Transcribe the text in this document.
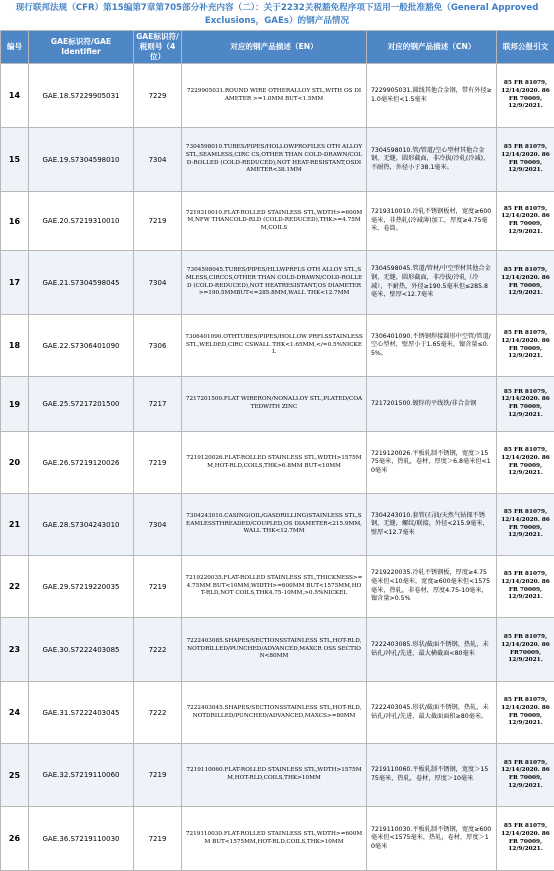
现行联邦法规（CFR）第15编第7章第705部分补充内容（二）：关于2232关税豁免程序项下适用一般批准豁免（General Approved Exclusions，GAEs）的钢产品情况
编号	GAE标识符/GAE Identifier	GAE标识符/税则号（4位）	对应的钢产品描述（EN）	对应的钢产品描述（CN）	联邦公报引文
14	GAE.18.S7229905031	7229	7229905031.ROUND WIRE OTHERALLOY STL,WITH OS DIAMETER >=1.0MM BUT<1.5MM	7229905031.圆线其他合金钢，带有外径≥1.0毫米但<1.5毫米	85 FR 81079, 12/14/2020. 86 FR 70009, 12/9/2021.
15	GAE.19.S7304598010	7304	7304598010.TUBES/PIPES/HOLLOWPROFILES OTH ALLOY STL,SEAMLESS,CIRC CS,OTHER THAN COLD-DRAWN/COLD-ROLLED (COLD-REDUCED),NOT HEAT-RESISTANT,OSDIAMETER<38.1MM	7304598010.管/管道/空心型材其他合金钢，无缝，圆形截面，非冷拔/冷轧(冷减)，不耐热，外径小于38.1毫米。	85 FR 81079, 12/14/2020. 86 FR 70009, 12/9/2021.
16	GAE.20.S7219310010	7219	7219310010.FLAT-ROLLED STAINLESS STL,WDTH>=600MM,NFW THANCOLD-RLD (COLD-REDUCED),THK>=4.75MM,COILS	7219310010.冷轧不锈钢板材，宽度≥600毫米，非热轧(冷减薄)加工，厚度≥4.75毫米，卷筒。	85 FR 81079, 12/14/2020. 86 FR 70009, 12/9/2021.
17	GAE.21.S7304598045	7304	7304598045.TUBES/PIPES/HLLWPRFLS OTH ALLOY STL,SMLESS,CIRCCS,OTHER THAN COLD-DRAWN/COLD-ROLLED (COLD-REDUCED),NOT HEATRESISTANT,OS DIAMETER>=190.5MMBUT<=285.8MM,WALL THK<12.7MM	7304598045.管道/管材/中空型材其他合金钢，无缝，圆形截面，非冷拔/冷轧（冷减），不耐热，外径≥190.5毫米但≤285.8毫米，壁厚<12.7毫米	85 FR 81079, 12/14/2020. 86 FR 70009, 12/9/2021.
18	GAE.22.S7306401090	7306	7306401090.OTHTUBES/PIPES/HOLLOW PRFLSSTAINLESS STL,WELDED,CIRC CSWALL THK<1.65MM,</=0.5%NICKEL	7306401090.不锈钢焊接圆形中空管/管道/空心型材，壁厚小于1.65毫米，镍含量≤0.5%。	85 FR 81079, 12/14/2020. 86 FR 70009, 12/9/2021.
19	GAE.25.S7217201500	7217	7217201500.FLAT WIRERON/NONALLOY STL,PLATED/COATEDWITH ZINC	7217201500.镀锌的平线铁/非合金钢	85 FR 81079, 12/14/2020. 86 FR 70009, 12/9/2021.
20	GAE.26.S7219120026	7219	7219120026.FLAT-ROLLED STAINLESS STL,WDTH>1575MM,HOT-RLD,COILS,THK>6.8MM BUT<10MM	7219120026.平板轧制不锈钢，宽度＞1575毫米，热轧，卷材，厚度＞6.8毫米但<10毫米	85 FR 81079, 12/14/2020. 86 FR 70009, 12/9/2021.
21	GAE.28.S7304243010	7304	7304243010.CASING(OIL/GASDRILLING)STAINLESS STL,SEAMLESSTHREADED/COUPLED,OS DIAMETER<215.9MM,WALL THK<12.7MM	7304243010.套管(石油/天然气钻探不锈钢，无缝，螺纹/联接，外径<215.9毫米，壁厚<12.7毫米	85 FR 81079, 12/14/2020. 86 FR 70009, 12/9/2021.
22	GAE.29.S7219220035	7219	7219220035.FLAT-ROLLED STAINLESS STL,THICKNESS>=4.75MM BUT<10MM,WIDTH>=600MM BUT<1575MM,HOT-RLD,NOT COILS,THK4.75-10MM,>0.5%NICKEL	7219220035.冷轧不锈钢板，厚度≥4.75毫米但<10毫米，宽度≥600毫米但<1575毫米，热轧，非卷材，厚度4.75-10毫米，镍含量>0.5%	85 FR 81079, 12/14/2020. 86 FR 70009, 12/9/2021.
23	GAE.30.S7222403085	7222	7222403085.SHAPES/SECTIONSSTAINLESS STL,HOT-RLD,NOTDRILLED/PUNCHED/ADVANCED,MAXCR OSS SECTION<80MM	7222403085.形状/截面不锈钢，热轧，未钻孔/冲孔/先进，最大横截面<80毫米	85 FR 81079, 12/14/2020. 86 FR70009, 12/9/2021.
24	GAE.31.S7222403045	7222	7222403045.SHAPES/SECTIONSSTAINLESS STL,HOT-RLD,NOTDRILLED/PUNCHED/ADVANCED,MAXCS>=80MM	7222403045.形状/截面不锈钢，热轧，未钻孔/冲孔/先进，最大截面面积≥80毫米。	85 FR 81079, 12/14/2020. 86 FR 70009, 12/9/2021.
25	GAE.32.S7219110060	7219	7219110060.FLAT-ROLLED STAINLESS STL,WDTH>1575MM,HOT-RLD,COILS,THK>10MM	7219110060.平板轧制不锈钢，宽度＞1575毫米，热轧，卷材，厚度＞10毫米	85 FR 81079, 12/14/2020. 86 FR 70009, 12/9/2021.
26	GAE.36.S7219110030	7219	7219110030.FLAT-ROLLED STAINLESS STL,WDTH>=600MM BUT<1575MM,HOT-RLD,COILS,THK>10MM	7219110030.平板轧制不锈钢，宽度≥600毫米但<1575毫米，热轧，卷材，厚度＞10毫米	85 FR 81079, 12/14/2020. 86 FR 70009, 12/9/2021.
